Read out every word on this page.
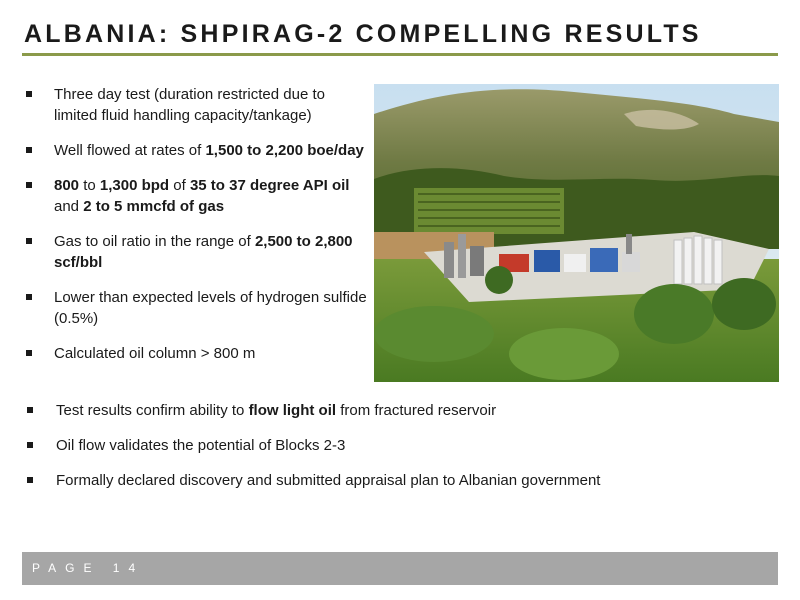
ALBANIA: SHPIRAG-2 COMPELLING RESULTS
Three day test (duration restricted due to limited fluid handling capacity/tankage)
Well flowed at rates of 1,500 to 2,200 boe/day
800 to 1,300 bpd of 35 to 37 degree API oil and 2 to 5 mmcfd of gas
Gas to oil ratio in the range of 2,500 to 2,800 scf/bbl
Lower than expected levels of hydrogen sulfide (0.5%)
Calculated oil column > 800 m
Test results confirm ability to flow light oil from fractured reservoir
Oil flow validates the potential of Blocks 2-3
Formally declared discovery and submitted appraisal plan to Albanian government
PAGE 14
